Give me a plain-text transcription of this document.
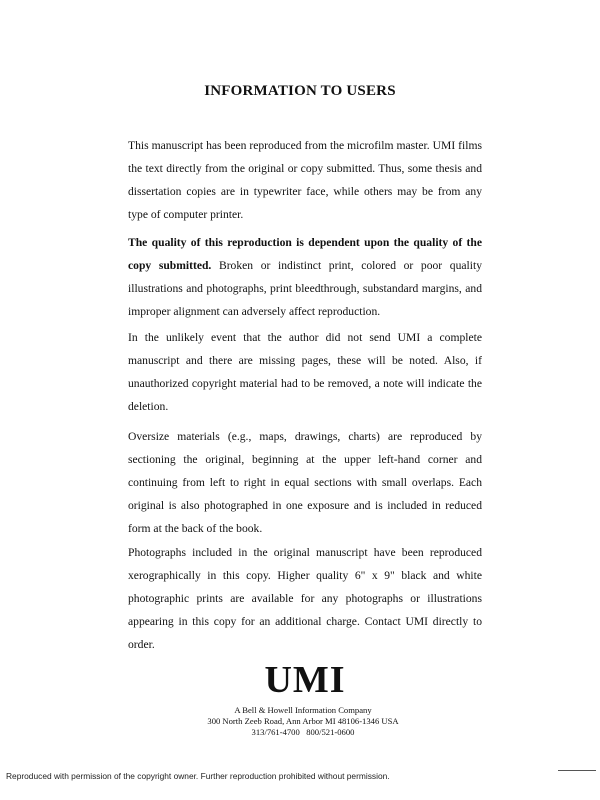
INFORMATION TO USERS
This manuscript has been reproduced from the microfilm master. UMI films the text directly from the original or copy submitted. Thus, some thesis and dissertation copies are in typewriter face, while others may be from any type of computer printer.
The quality of this reproduction is dependent upon the quality of the copy submitted. Broken or indistinct print, colored or poor quality illustrations and photographs, print bleedthrough, substandard margins, and improper alignment can adversely affect reproduction.
In the unlikely event that the author did not send UMI a complete manuscript and there are missing pages, these will be noted. Also, if unauthorized copyright material had to be removed, a note will indicate the deletion.
Oversize materials (e.g., maps, drawings, charts) are reproduced by sectioning the original, beginning at the upper left-hand corner and continuing from left to right in equal sections with small overlaps. Each original is also photographed in one exposure and is included in reduced form at the back of the book.
Photographs included in the original manuscript have been reproduced xerographically in this copy. Higher quality 6" x 9" black and white photographic prints are available for any photographs or illustrations appearing in this copy for an additional charge. Contact UMI directly to order.
UMI
A Bell & Howell Information Company
300 North Zeeb Road, Ann Arbor MI 48106-1346 USA
313/761-4700   800/521-0600
Reproduced with permission of the copyright owner. Further reproduction prohibited without permission.
